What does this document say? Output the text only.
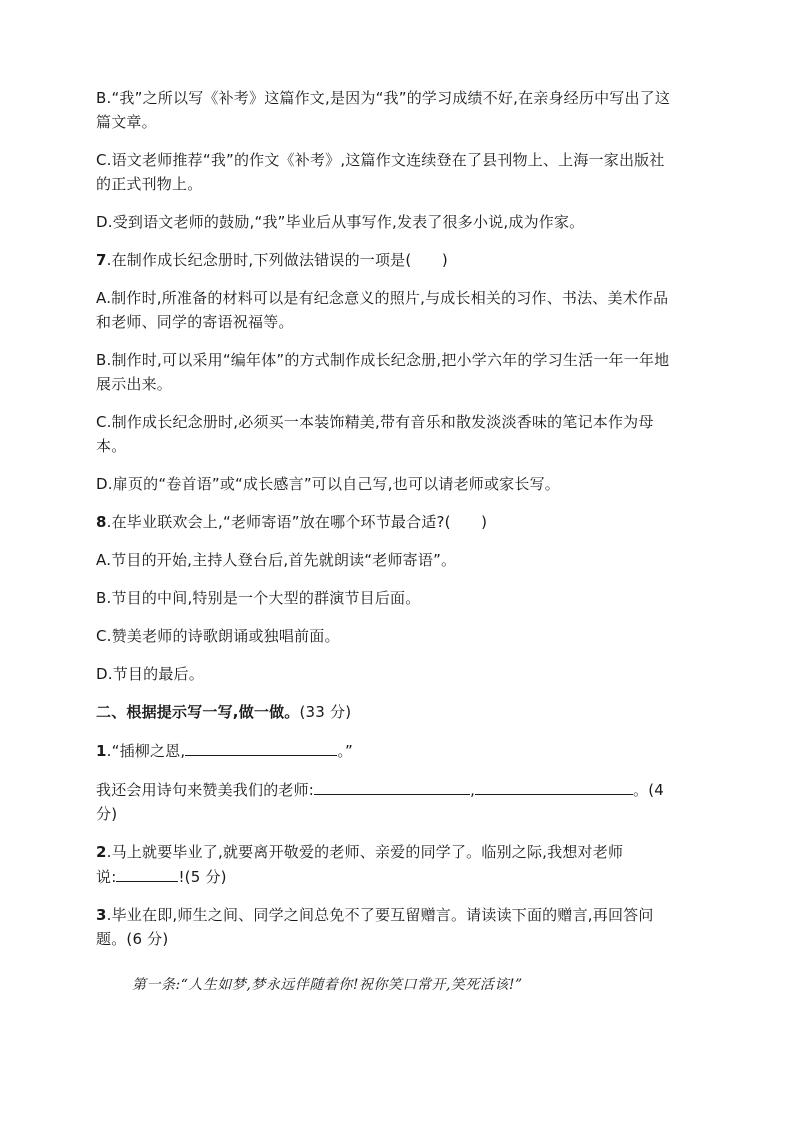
B.“我”之所以写《补考》这篇作文,是因为“我”的学习成绩不好,在亲身经历中写出了这

篇文章。

C.语文老师推荐“我”的作文《补考》,这篇作文连续登在了县刊物上、上海一家出版社

的正式刊物上。

D.受到语文老师的鼓励,“我”毕业后从事写作,发表了很多小说,成为作家。

7.在制作成长纪念册时,下列做法错误的一项是(　　)

A.制作时,所准备的材料可以是有纪念意义的照片,与成长相关的习作、书法、美术作品

和老师、同学的寄语祝福等。

B.制作时,可以采用“编年体”的方式制作成长纪念册,把小学六年的学习生活一年一年地

展示出来。

C.制作成长纪念册时,必须买一本装饰精美,带有音乐和散发淡淡香味的笔记本作为母

本。

D.扉页的“卷首语”或“成长感言”可以自己写,也可以请老师或家长写。

8.在毕业联欢会上,“老师寄语”放在哪个环节最合适?(　　)

A.节目的开始,主持人登台后,首先就朗读“老师寄语”。

B.节目的中间,特别是一个大型的群演节目后面。

C.赞美老师的诗歌朗诵或独唱前面。

D.节目的最后。

二、根据提示写一写,做一做。(33 分)

1.“插柳之恩,	。”

我还会用诗句来赞美我们的老师:	,	。(4

分)

2.马上就要毕业了,就要离开敬爱的老师、亲爱的同学了。临别之际,我想对老师

说:	!(5 分)

3.毕业在即,师生之间、同学之间总免不了要互留赠言。请读读下面的赠言,再回答问

题。(6 分)

第一条:“人生如梦,梦永远伴随着你!祝你笑口常开,笑死活该!”
